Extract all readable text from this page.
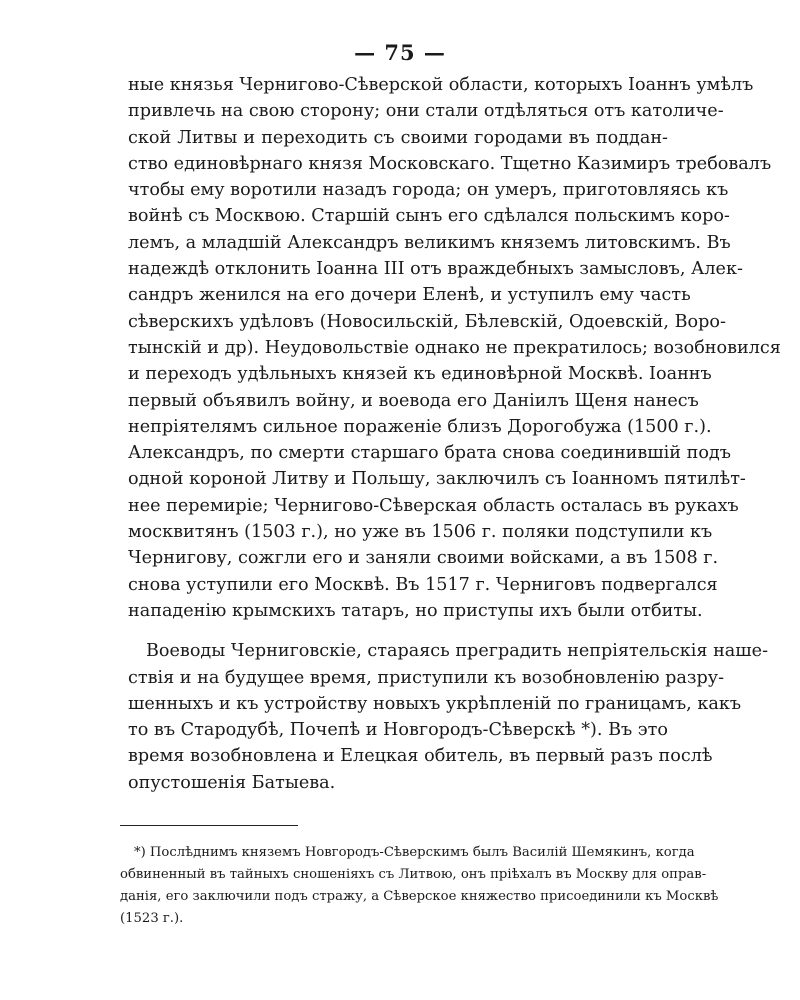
— 75 —

ные князья Черниговo-Сѣверской области, которыхъ Іоаннъ умѣлъ
привлечь на свою сторону; они стали отдѣляться отъ католиче-
ской Литвы и переходить съ своими городами въ поддан-
ство единовѣрнаго князя Московскаго. Тщетно Казимиръ требовалъ
чтобы ему воротили назадъ города; он умеръ, приготовляясь къ
войнѣ съ Москвою. Старшій сынъ его сдѣлался польскимъ коро-
лемъ, а младшій Александръ великимъ княземъ литовскимъ. Въ
надеждѣ отклонить Іоанна III отъ враждебныхъ замысловъ, Алек-
сандръ женился на его дочери Еленѣ, и уступилъ ему часть
сѣверскихъ удѣловъ (Новосильскій, Бѣлевскій, Одоевскій, Воро-
тынскій и др). Неудовольствіе однако не прекратилось; возобновился
и переходъ удѣльныхъ князей къ единовѣрной Москвѣ. Іоаннъ
первый объявилъ войну, и воевода его Даніилъ Щеня нанесъ
непріятелямъ сильное пораженіе близъ Дорогобужа (1500 г.).
Александръ, по смерти старшаго брата снова соединившій подъ
одной короной Литву и Польшу, заключилъ съ Іоанномъ пятилѣт-
нее перемиріе; Черниговo-Сѣверская область осталась въ рукахъ
москвитянъ (1503 г.), но уже въ 1506 г. поляки подступили къ
Чернигову, сожгли его и заняли своими войсками, а въ 1508 г.
снова уступили его Москвѣ. Въ 1517 г. Черниговъ подвергался
нападенію крымскихъ татаръ, но приступы ихъ были отбиты.

Воеводы Черниговскіе, стараясь преградить непріятельскія наше-
ствія и на будущее время, приступили къ возобновленію разру-
шенныхъ и къ устройству новыхъ укрѣпленій по границамъ, какъ
то въ Стародубѣ, Почепѣ и Новгородъ-Сѣверскѣ *). Въ это
время возобновлена и Елецкая обитель, въ первый разъ послѣ
опустошенія Батыева.

*) Послѣднимъ княземъ Новгородъ-Сѣверскимъ былъ Василій Шемякинъ, когда
обвиненный въ тайныхъ сношеніяхъ съ Литвою, онъ пріѣхалъ въ Москву для оправ-
данія, его заключили подъ стражу, а Сѣверское княжество присоединили къ Москвѣ
(1523 г.).
